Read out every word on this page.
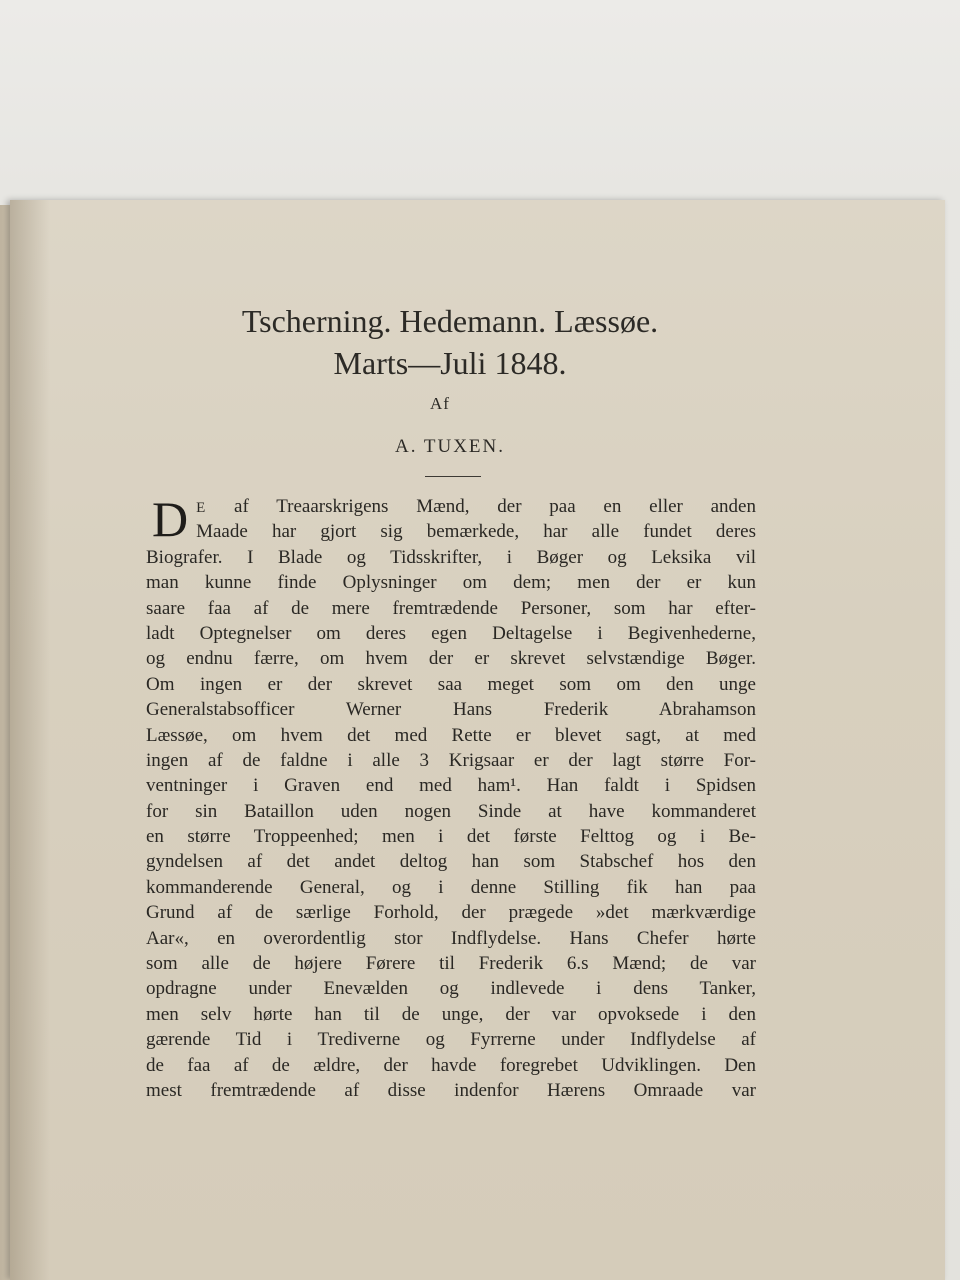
Tscherning. Hedemann. Læssøe.
Marts—Juli 1848.
Af
A. TUXEN.
D E af Treaarskrigens Mænd, der paa en eller anden
Maade har gjort sig bemærkede, har alle fundet deres
Biografer. I Blade og Tidsskrifter, i Bøger og Leksika vil
man kunne finde Oplysninger om dem; men der er kun
saare faa af de mere fremtrædende Personer, som har efter-
ladt Optegnelser om deres egen Deltagelse i Begivenhederne,
og endnu færre, om hvem der er skrevet selvstændige Bøger.
Om ingen er der skrevet saa meget som om den unge
Generalstabsofficer Werner Hans Frederik Abrahamson
Læssøe, om hvem det med Rette er blevet sagt, at med
ingen af de faldne i alle 3 Krigsaar er der lagt større For-
ventninger i Graven end med ham¹. Han faldt i Spidsen
for sin Bataillon uden nogen Sinde at have kommanderet
en større Troppeenhed; men i det første Felttog og i Be-
gyndelsen af det andet deltog han som Stabschef hos den
kommanderende General, og i denne Stilling fik han paa
Grund af de særlige Forhold, der prægede »det mærkværdige
Aar«, en overordentlig stor Indflydelse. Hans Chefer hørte
som alle de højere Førere til Frederik 6.s Mænd; de var
opdragne under Enevælden og indlevede i dens Tanker,
men selv hørte han til de unge, der var opvoksede i den
gærende Tid i Trediverne og Fyrrerne under Indflydelse af
de faa af de ældre, der havde foregrebet Udviklingen. Den
mest fremtrædende af disse indenfor Hærens Omraade var
